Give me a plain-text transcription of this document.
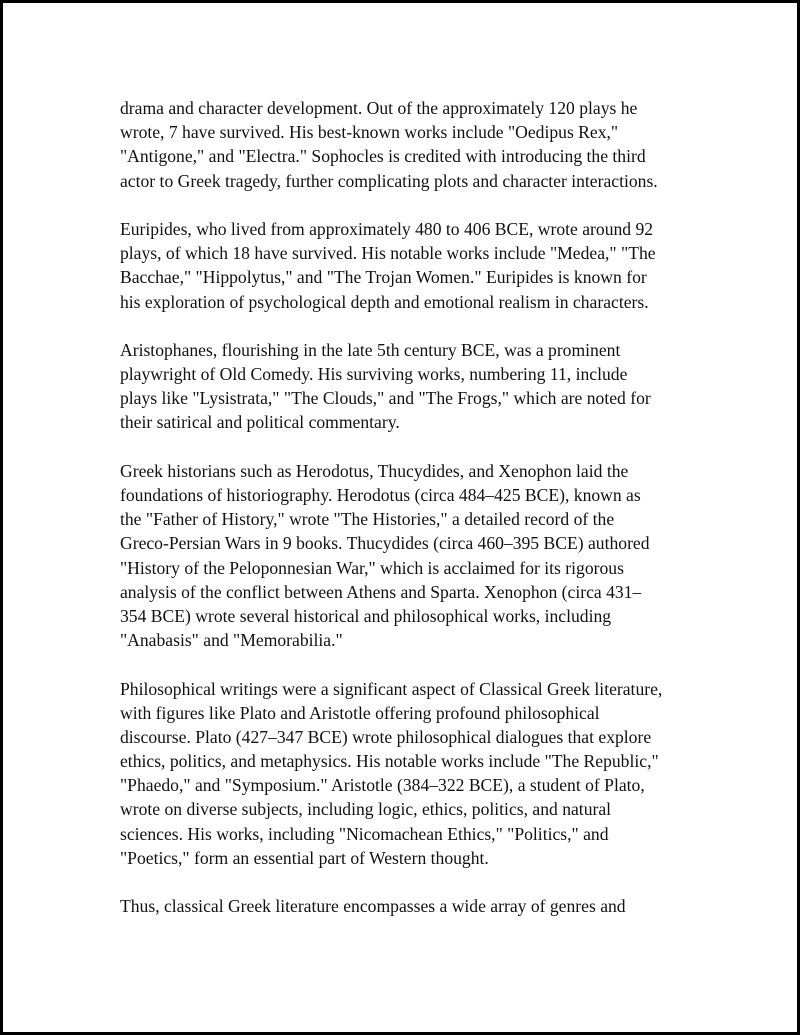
drama and character development. Out of the approximately 120 plays he
wrote, 7 have survived. His best-known works include "Oedipus Rex,"
"Antigone," and "Electra." Sophocles is credited with introducing the third
actor to Greek tragedy, further complicating plots and character interactions.
Euripides, who lived from approximately 480 to 406 BCE, wrote around 92
plays, of which 18 have survived. His notable works include "Medea," "The
Bacchae," "Hippolytus," and "The Trojan Women." Euripides is known for
his exploration of psychological depth and emotional realism in characters.
Aristophanes, flourishing in the late 5th century BCE, was a prominent
playwright of Old Comedy. His surviving works, numbering 11, include
plays like "Lysistrata," "The Clouds," and "The Frogs," which are noted for
their satirical and political commentary.
Greek historians such as Herodotus, Thucydides, and Xenophon laid the
foundations of historiography. Herodotus (circa 484–425 BCE), known as
the "Father of History," wrote "The Histories," a detailed record of the
Greco-Persian Wars in 9 books. Thucydides (circa 460–395 BCE) authored
"History of the Peloponnesian War," which is acclaimed for its rigorous
analysis of the conflict between Athens and Sparta. Xenophon (circa 431–
354 BCE) wrote several historical and philosophical works, including
"Anabasis" and "Memorabilia."
Philosophical writings were a significant aspect of Classical Greek literature,
with figures like Plato and Aristotle offering profound philosophical
discourse. Plato (427–347 BCE) wrote philosophical dialogues that explore
ethics, politics, and metaphysics. His notable works include "The Republic,"
"Phaedo," and "Symposium." Aristotle (384–322 BCE), a student of Plato,
wrote on diverse subjects, including logic, ethics, politics, and natural
sciences. His works, including "Nicomachean Ethics," "Politics," and
"Poetics," form an essential part of Western thought.
Thus, classical Greek literature encompasses a wide array of genres and
